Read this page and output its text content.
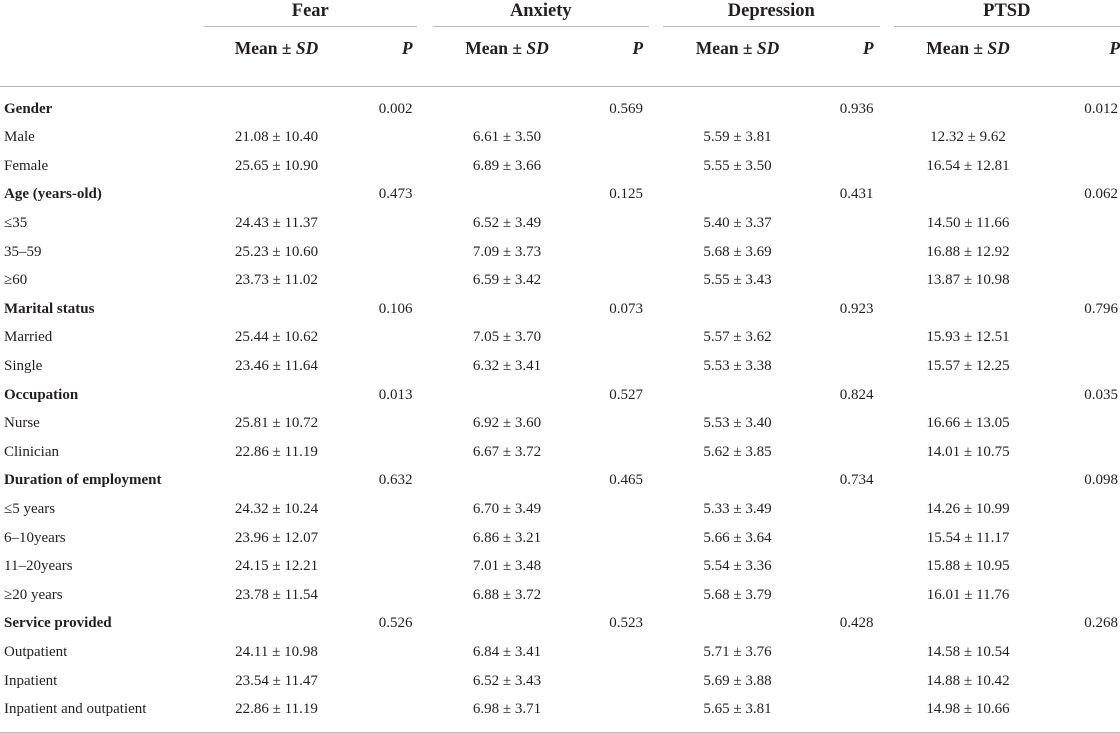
	Fear		Anxiety		Depression		PTSD	

	Mean ± SD	P	Mean ± SD	P	Mean ± SD	P	Mean ± SD	P
Gender		0.002		0.569		0.936		0.012
Male	21.08 ± 10.40		6.61 ± 3.50		5.59 ± 3.81		12.32 ± 9.62	
Female	25.65 ± 10.90		6.89 ± 3.66		5.55 ± 3.50		16.54 ± 12.81	
Age (years-old)		0.473		0.125		0.431		0.062
≤35	24.43 ± 11.37		6.52 ± 3.49		5.40 ± 3.37		14.50 ± 11.66	
35–59	25.23 ± 10.60		7.09 ± 3.73		5.68 ± 3.69		16.88 ± 12.92	
≥60	23.73 ± 11.02		6.59 ± 3.42		5.55 ± 3.43		13.87 ± 10.98	
Marital status		0.106		0.073		0.923		0.796
Married	25.44 ± 10.62		7.05 ± 3.70		5.57 ± 3.62		15.93 ± 12.51	
Single	23.46 ± 11.64		6.32 ± 3.41		5.53 ± 3.38		15.57 ± 12.25	
Occupation		0.013		0.527		0.824		0.035
Nurse	25.81 ± 10.72		6.92 ± 3.60		5.53 ± 3.40		16.66 ± 13.05	
Clinician	22.86 ± 11.19		6.67 ± 3.72		5.62 ± 3.85		14.01 ± 10.75	
Duration of employment		0.632		0.465		0.734		0.098
≤5 years	24.32 ± 10.24		6.70 ± 3.49		5.33 ± 3.49		14.26 ± 10.99	
6–10years	23.96 ± 12.07		6.86 ± 3.21		5.66 ± 3.64		15.54 ± 11.17	
11–20years	24.15 ± 12.21		7.01 ± 3.48		5.54 ± 3.36		15.88 ± 10.95	
≥20 years	23.78 ± 11.54		6.88 ± 3.72		5.68 ± 3.79		16.01 ± 11.76	
Service provided		0.526		0.523		0.428		0.268
Outpatient	24.11 ± 10.98		6.84 ± 3.41		5.71 ± 3.76		14.58 ± 10.54	
Inpatient	23.54 ± 11.47		6.52 ± 3.43		5.69 ± 3.88		14.88 ± 10.42	
Inpatient and outpatient	22.86 ± 11.19		6.98 ± 3.71		5.65 ± 3.81		14.98 ± 10.66	
